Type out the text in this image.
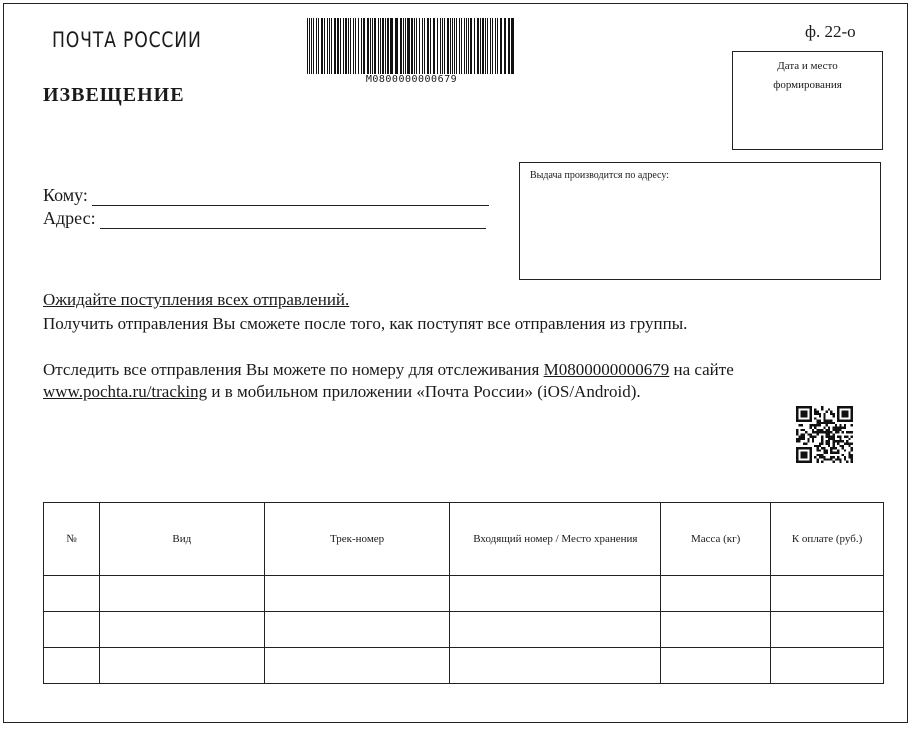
ПОЧТА РОССИИ
M0800000000679
ф. 22-о
ИЗВЕЩЕНИЕ
Дата и место
формирования
Выдача производится по адресу:
Кому:
Адрес:
Ожидайте поступления всех отправлений.
Получить отправления Вы сможете после того, как поступят все отправления из группы.
Отследить все отправления Вы можете по номеру для отслеживания M0800000000679 на сайте
www.pochta.ru/tracking и в мобильном приложении «Почта России» (iOS/Android).
№	Вид	Трек-номер	Входящий номер / Место хранения	Масса (кг)	К оплате (руб.)
